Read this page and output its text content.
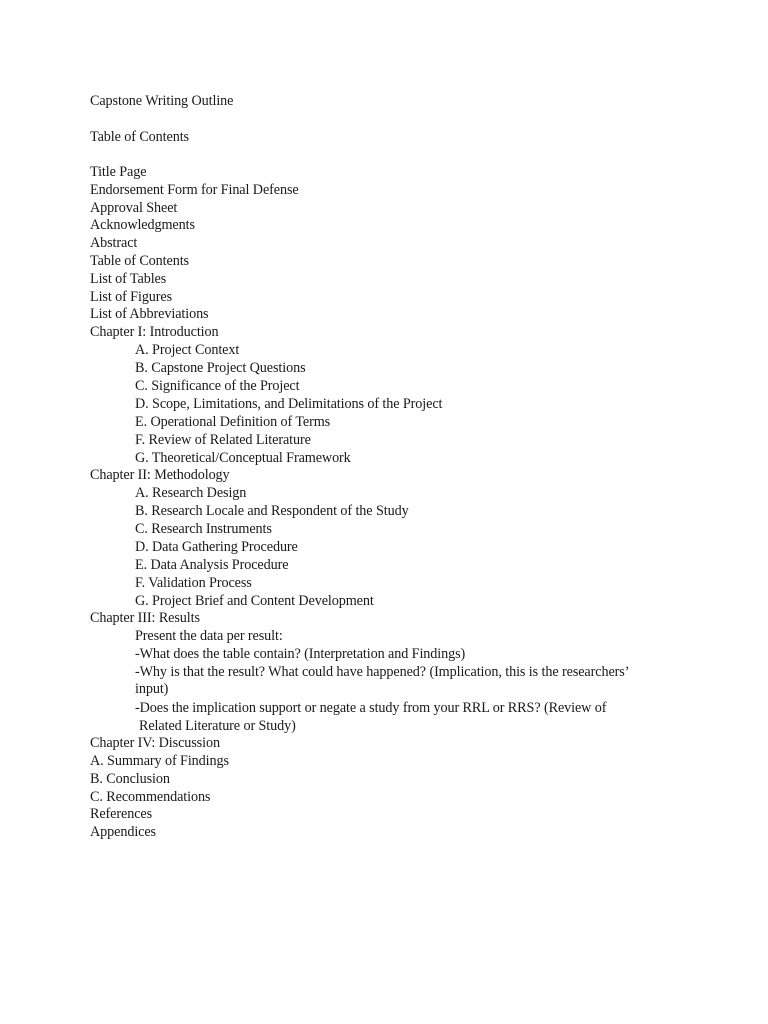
Capstone Writing Outline
Table of Contents
Title Page
Endorsement Form for Final Defense
Approval Sheet
Acknowledgments
Abstract
Table of Contents
List of Tables
List of Figures
List of Abbreviations
Chapter I: Introduction
A. Project Context
B. Capstone Project Questions
C. Significance of the Project
D. Scope, Limitations, and Delimitations of the Project
E. Operational Definition of Terms
F. Review of Related Literature
G. Theoretical/Conceptual Framework
Chapter II: Methodology
A. Research Design
B. Research Locale and Respondent of the Study
C. Research Instruments
D. Data Gathering Procedure
E. Data Analysis Procedure
F. Validation Process
G. Project Brief and Content Development
Chapter III: Results
Present the data per result:
-What does the table contain? (Interpretation and Findings)
-Why is that the result? What could have happened? (Implication, this is the researchers’
input)
-Does the implication support or negate a study from your RRL or RRS? (Review of
Related Literature or Study)
Chapter IV: Discussion
A. Summary of Findings
B. Conclusion
C. Recommendations
References
Appendices
